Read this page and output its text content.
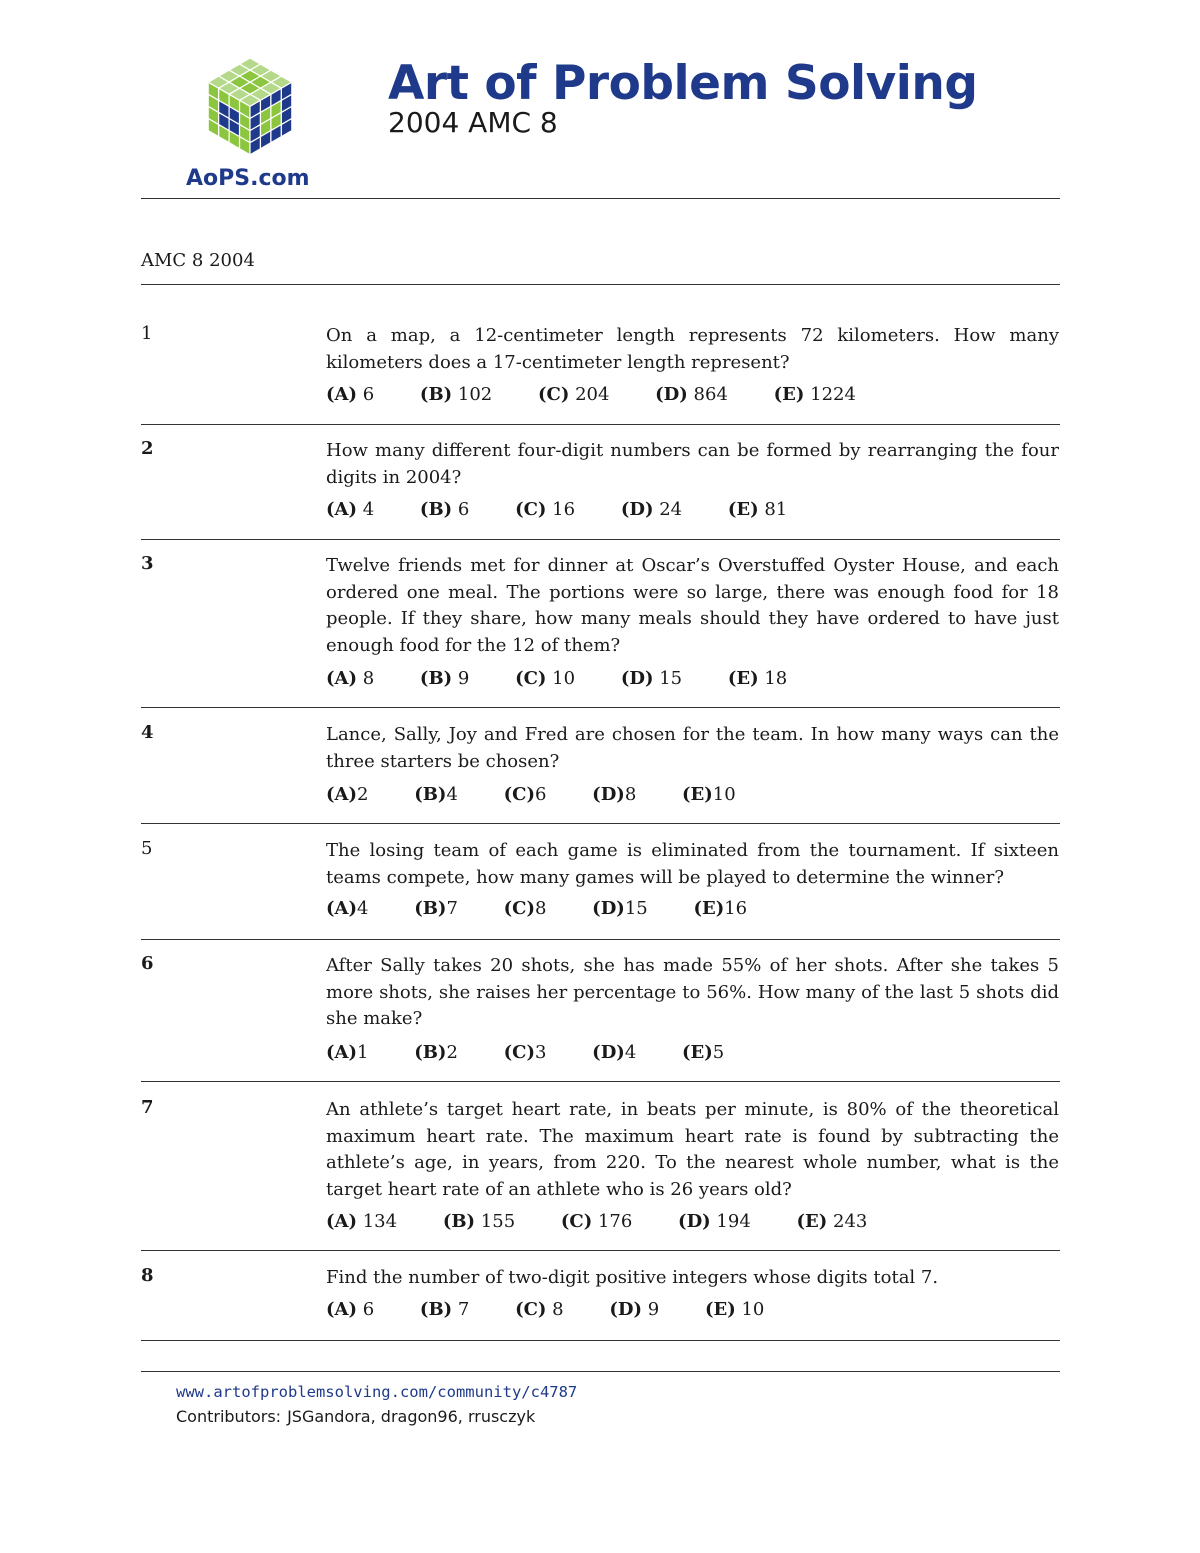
AoPS.com
Art of Problem Solving
2004 AMC 8
AMC 8 2004
1	On a map, a 12-centimeter length represents 72 kilometers. How many kilometers does a 17-centimeter length represent?
(A) 6	(B) 102	(C) 204	(D) 864	(E) 1224
2	How many different four-digit numbers can be formed by rearranging the four digits in 2004?
(A) 4	(B) 6	(C) 16	(D) 24	(E) 81
3	Twelve friends met for dinner at Oscar’s Overstuffed Oyster House, and each ordered one meal. The portions were so large, there was enough food for 18 people. If they share, how many meals should they have ordered to have just enough food for the 12 of them?
(A) 8	(B) 9	(C) 10	(D) 15	(E) 18
4	Lance, Sally, Joy and Fred are chosen for the team. In how many ways can the three starters be chosen?
(A)2	(B)4	(C)6	(D)8	(E)10
5	The losing team of each game is eliminated from the tournament. If sixteen teams compete, how many games will be played to determine the winner?
(A)4	(B)7	(C)8	(D)15	(E)16
6	After Sally takes 20 shots, she has made 55% of her shots. After she takes 5 more shots, she raises her percentage to 56%. How many of the last 5 shots did she make?
(A)1	(B)2	(C)3	(D)4	(E)5
7	An athlete’s target heart rate, in beats per minute, is 80% of the theoretical maximum heart rate. The maximum heart rate is found by subtracting the athlete’s age, in years, from 220. To the nearest whole number, what is the target heart rate of an athlete who is 26 years old?
(A) 134	(B) 155	(C) 176	(D) 194	(E) 243
8	Find the number of two-digit positive integers whose digits total 7.
(A) 6	(B) 7	(C) 8	(D) 9	(E) 10
www.artofproblemsolving.com/community/c4787
Contributors: JSGandora, dragon96, rrusczyk
